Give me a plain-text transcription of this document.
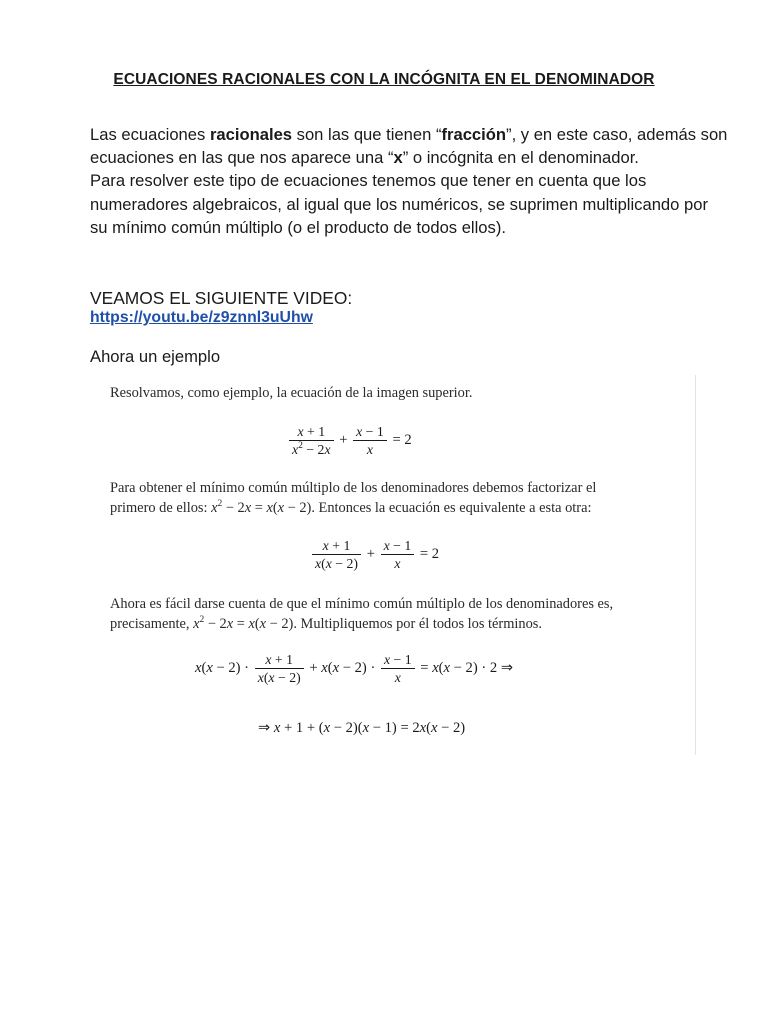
ECUACIONES RACIONALES CON LA INCÓGNITA EN EL DENOMINADOR

Las ecuaciones racionales son las que tienen “fracción”, y en este caso, además son ecuaciones en las que nos aparece una “x” o incógnita en el denominador.

Para resolver este tipo de ecuaciones tenemos que tener en cuenta que los numeradores algebraicos, al igual que los numéricos, se suprimen multiplicando por su mínimo común múltiplo (o el producto de todos ellos).

VEAMOS EL SIGUIENTE VIDEO:
https://youtu.be/z9znnl3uUhw
Ahora un ejemplo

Resolvamos, como ejemplo, la ecuación de la imagen superior.

$\frac{x + 1}{x^2 - 2x} + \frac{x - 1}{x} = 2$

Para obtener el mínimo común múltiplo de los denominadores debemos factorizar el
primero de ellos: $x^2 - 2x = x(x - 2)$. Entonces la ecuación es equivalente a esta otra:

$\frac{x + 1}{x(x - 2)} + \frac{x - 1}{x} = 2$

Ahora es fácil darse cuenta de que el mínimo común múltiplo de los denominadores es,
precisamente, $x^2 - 2x = x(x - 2)$. Multipliquemos por él todos los términos.

$x(x - 2) \cdot \frac{x + 1}{x(x - 2)} + x(x - 2) \cdot \frac{x - 1}{x} = x(x - 2) \cdot 2$ ⇒
⇒ x + 1 + (x − 2)(x − 1) = 2x(x − 2)
